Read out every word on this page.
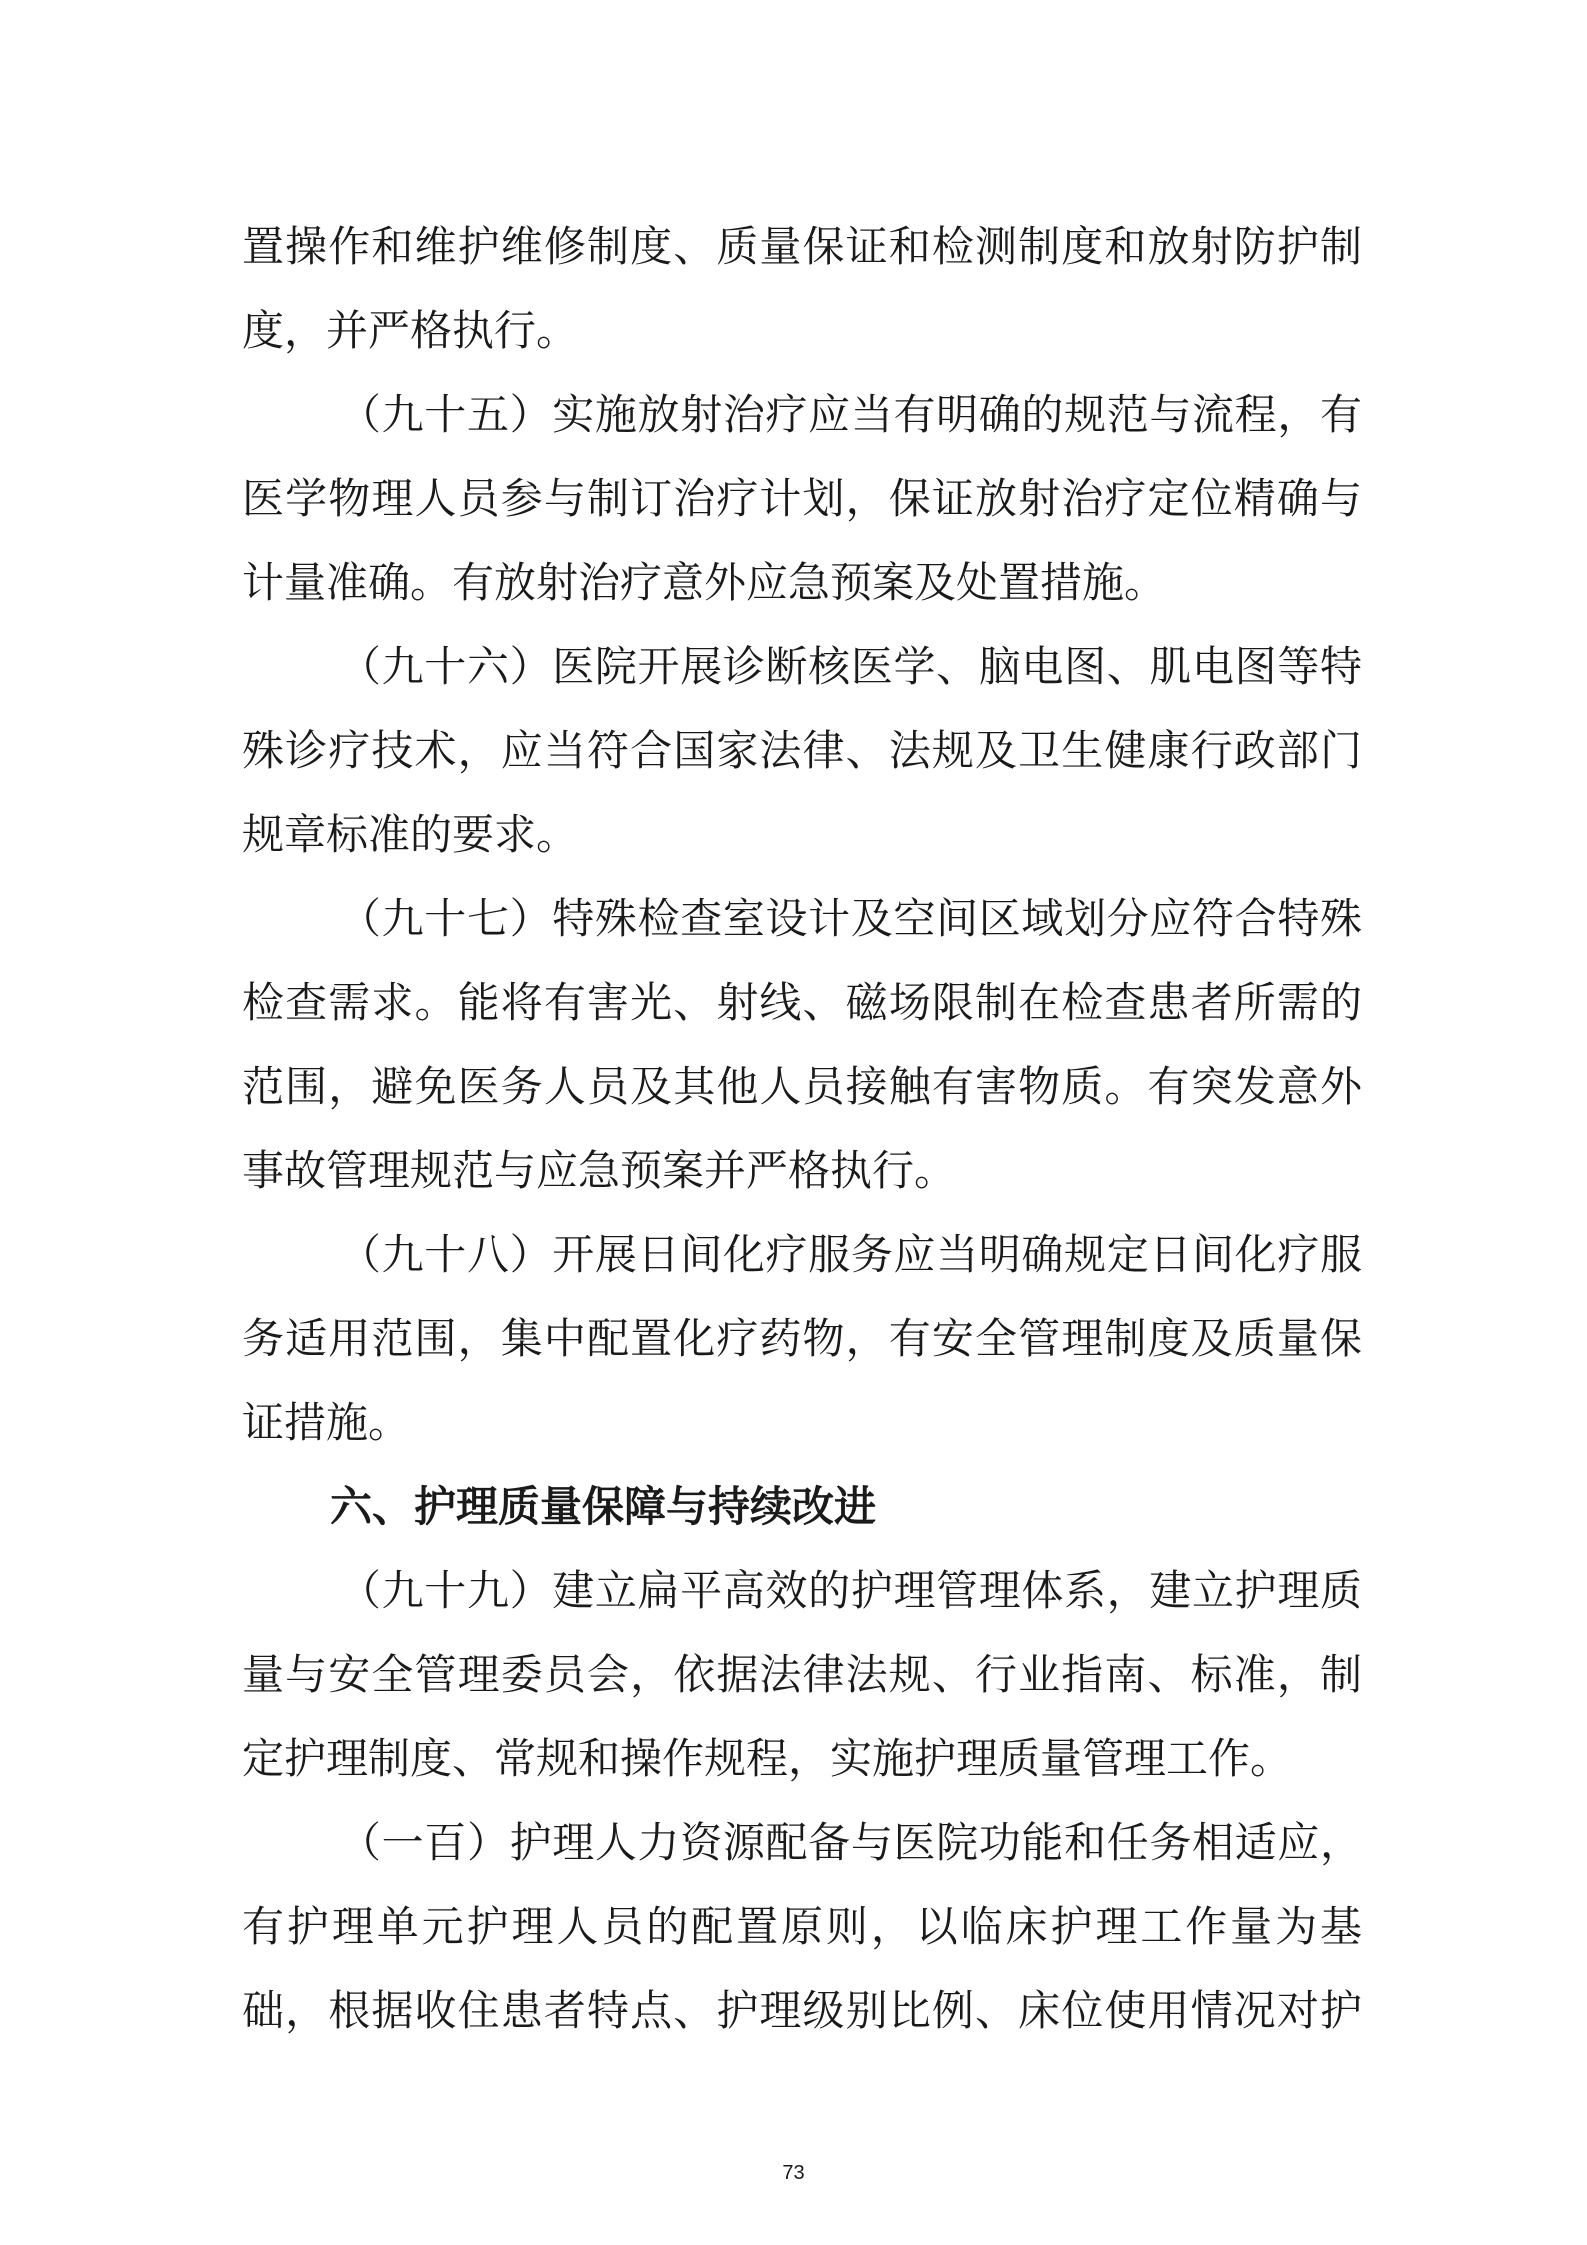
置操作和维护维修制度、质量保证和检测制度和放射防护制
度，并严格执行。
（九十五）实施放射治疗应当有明确的规范与流程，有
医学物理人员参与制订治疗计划，保证放射治疗定位精确与
计量准确。有放射治疗意外应急预案及处置措施。
（九十六）医院开展诊断核医学、脑电图、肌电图等特
殊诊疗技术，应当符合国家法律、法规及卫生健康行政部门
规章标准的要求。
（九十七）特殊检查室设计及空间区域划分应符合特殊
检查需求。能将有害光、射线、磁场限制在检查患者所需的
范围，避免医务人员及其他人员接触有害物质。有突发意外
事故管理规范与应急预案并严格执行。
（九十八）开展日间化疗服务应当明确规定日间化疗服
务适用范围，集中配置化疗药物，有安全管理制度及质量保
证措施。
六、护理质量保障与持续改进
（九十九）建立扁平高效的护理管理体系，建立护理质
量与安全管理委员会，依据法律法规、行业指南、标准，制
定护理制度、常规和操作规程，实施护理质量管理工作。
（一百）护理人力资源配备与医院功能和任务相适应，
有护理单元护理人员的配置原则，以临床护理工作量为基
础，根据收住患者特点、护理级别比例、床位使用情况对护
73
